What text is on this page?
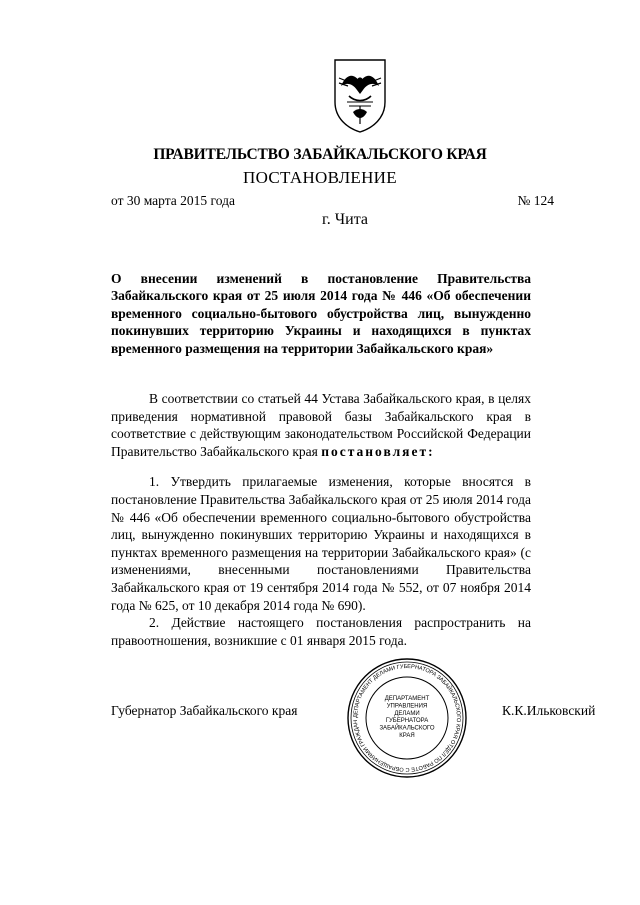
ПРАВИТЕЛЬСТВО ЗАБАЙКАЛЬСКОГО КРАЯ
ПОСТАНОВЛЕНИЕ
от 30 марта 2015 года	№ 124
г. Чита
О внесении изменений в постановление Правительства Забайкальского края от 25 июля 2014 года № 446 «Об обеспечении временного социально-бытового обустройства лиц, вынужденно покинувших территорию Украины и находящихся в пунктах временного размещения на территории Забайкальского края»

В соответствии со статьей 44 Устава Забайкальского края, в целях приведения нормативной правовой базы Забайкальского края в соответствие с действующим законодательством Российской Федерации Правительство Забайкальского края постановляет:

1. Утвердить прилагаемые изменения, которые вносятся в постановление Правительства Забайкальского края от 25 июля 2014 года № 446 «Об обеспечении временного социально-бытового обустройства лиц, вынужденно покинувших территорию Украины и находящихся в пунктах временного размещения на территории Забайкальского края» (с изменениями, внесенными постановлениями Правительства Забайкальского края от 19 сентября 2014 года № 552, от 07 ноября 2014 года № 625, от 10 декабря 2014 года № 690).

2. Действие настоящего постановления распространить на правоотношения, возникшие с 01 января 2015 года.

Губернатор Забайкальского края	К.К.Ильковский
ДЕПАРТАМЕНТ ДЕЛАМИ ГУБЕРНАТОРА ЗАБАЙКАЛЬСКОГО КРАЯ ОТДЕЛ ПО РАБОТЕ С ОБРАЩЕНИЯМИ ГРАЖДАН
ДЕПАРТАМЕНТ
УПРАВЛЕНИЯ
ДЕЛАМИ
ГУБЕРНАТОРА
ЗАБАЙКАЛЬСКОГО
КРАЯ
